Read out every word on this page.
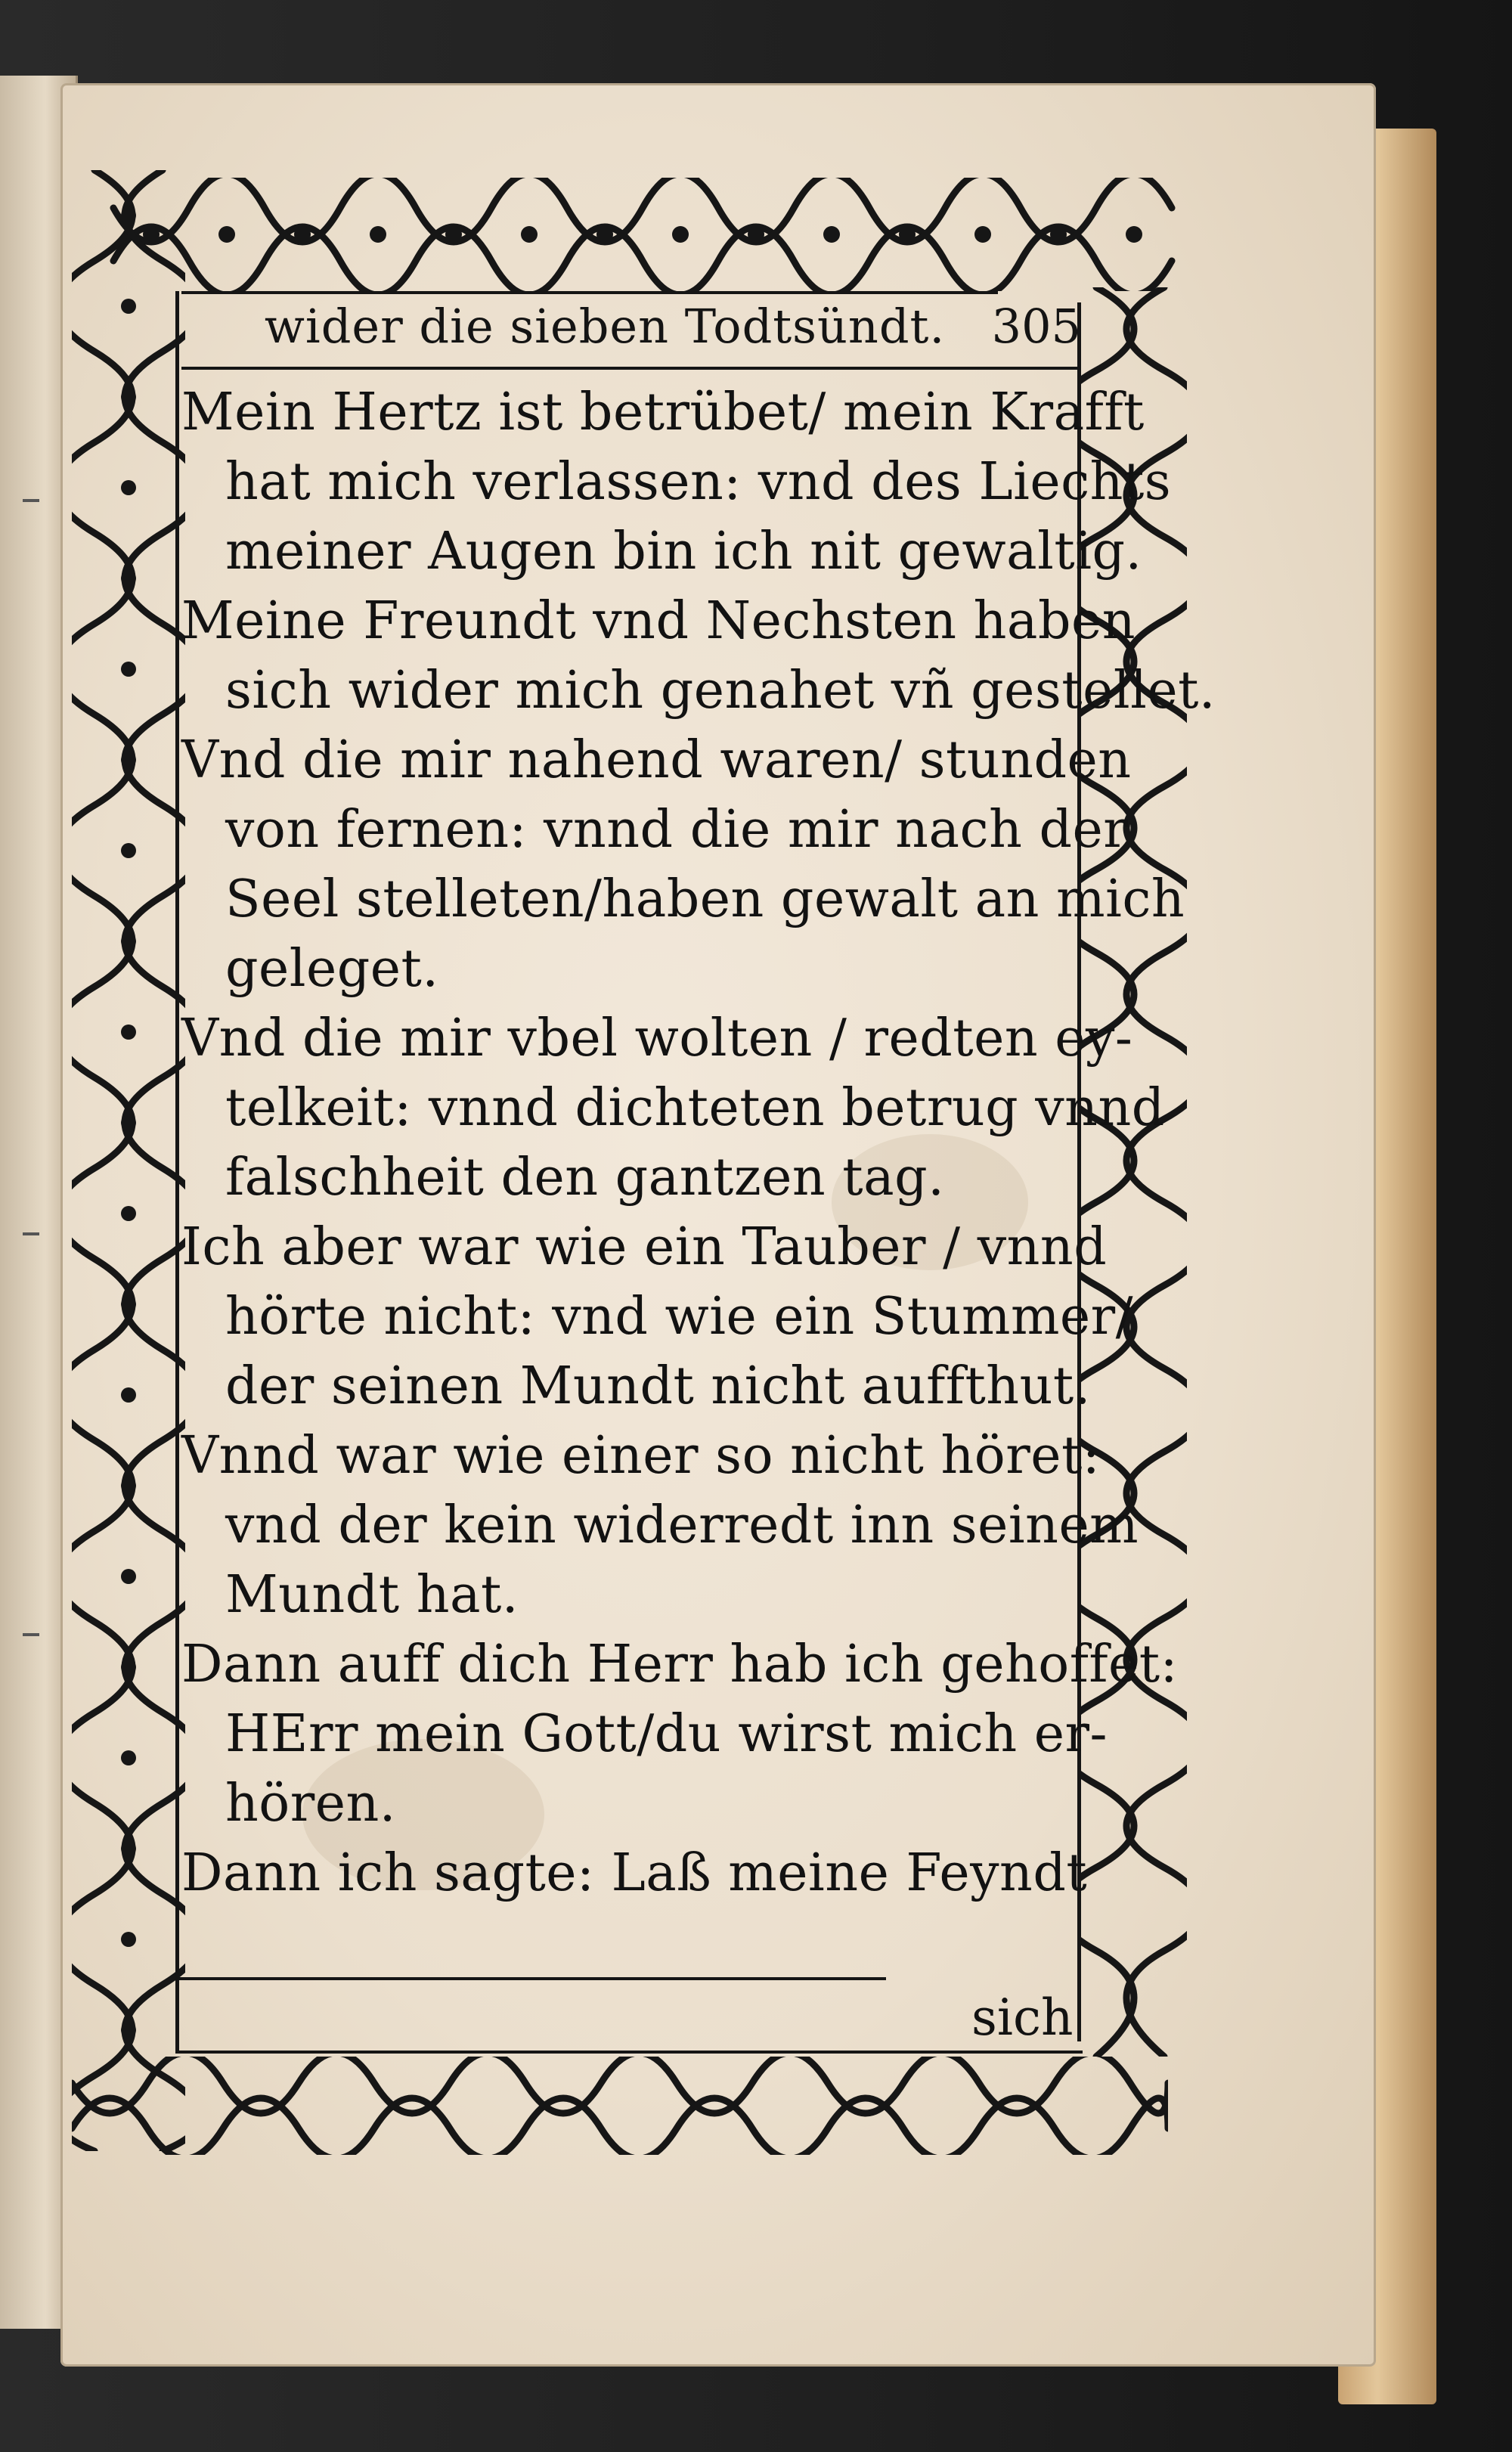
wider die sieben Todtsündt. 305
Mein Hertz ist betrübet/ mein Krafft
hat mich verlassen: vnd des Liechts
meiner Augen bin ich nit gewaltig.
Meine Freundt vnd Nechsten haben
sich wider mich genahet vñ gestellet.
Vnd die mir nahend waren/ stunden
von fernen: vnnd die mir nach der
Seel stelleten/haben gewalt an mich
geleget.
Vnd die mir vbel wolten / redten ey-
telkeit: vnnd dichteten betrug vnnd
falschheit den gantzen tag.
Ich aber war wie ein Tauber / vnnd
hörte nicht: vnd wie ein Stummer/
der seinen Mundt nicht auffthut.
Vnnd war wie einer so nicht höret:
vnd der kein widerredt inn seinem
Mundt hat.
Dann auff dich Herr hab ich gehoffet:
HErr mein Gott/du wirst mich er-
hören.
Dann ich sagte: Laß meine Feyndt
sich
